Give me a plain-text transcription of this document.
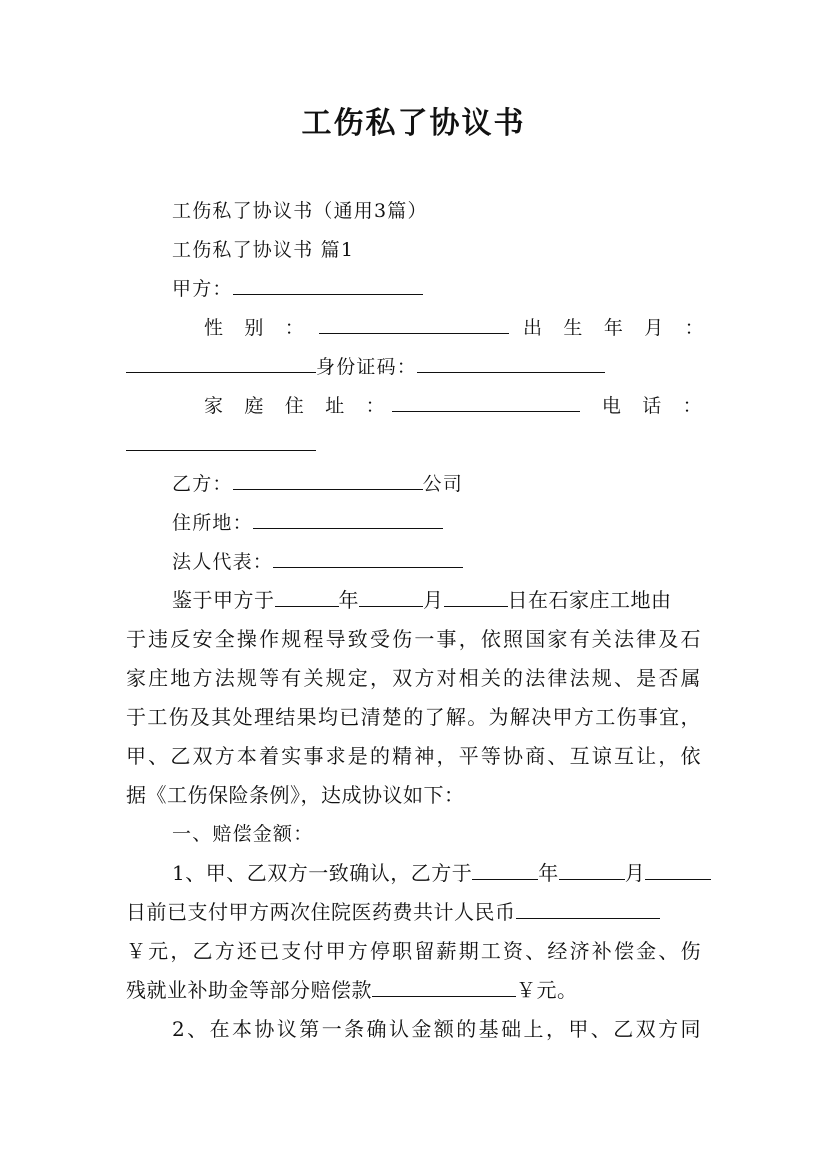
工伤私了协议书
工伤私了协议书（通用3篇）
工伤私了协议书 篇1
甲方：
性　别　：	出　生　年　月　：
身份证码：
家　庭　住　址　：	电　话　：
乙方：	公司
住所地：
法人代表：
鉴于甲方于	年	月	日在石家庄工地由
于违反安全操作规程导致受伤一事，依照国家有关法律及石
家庄地方法规等有关规定，双方对相关的法律法规、是否属
于工伤及其处理结果均已清楚的了解。为解决甲方工伤事宜，
甲、乙双方本着实事求是的精神，平等协商、互谅互让，依
据《工伤保险条例》，达成协议如下：
一、赔偿金额：
1、甲、乙双方一致确认，乙方于	年	月
日前已支付甲方两次住院医药费共计人民币
￥元，乙方还已支付甲方停职留薪期工资、经济补偿金、伤
残就业补助金等部分赔偿款	￥元。
2、在本协议第一条确认金额的基础上，甲、乙双方同
